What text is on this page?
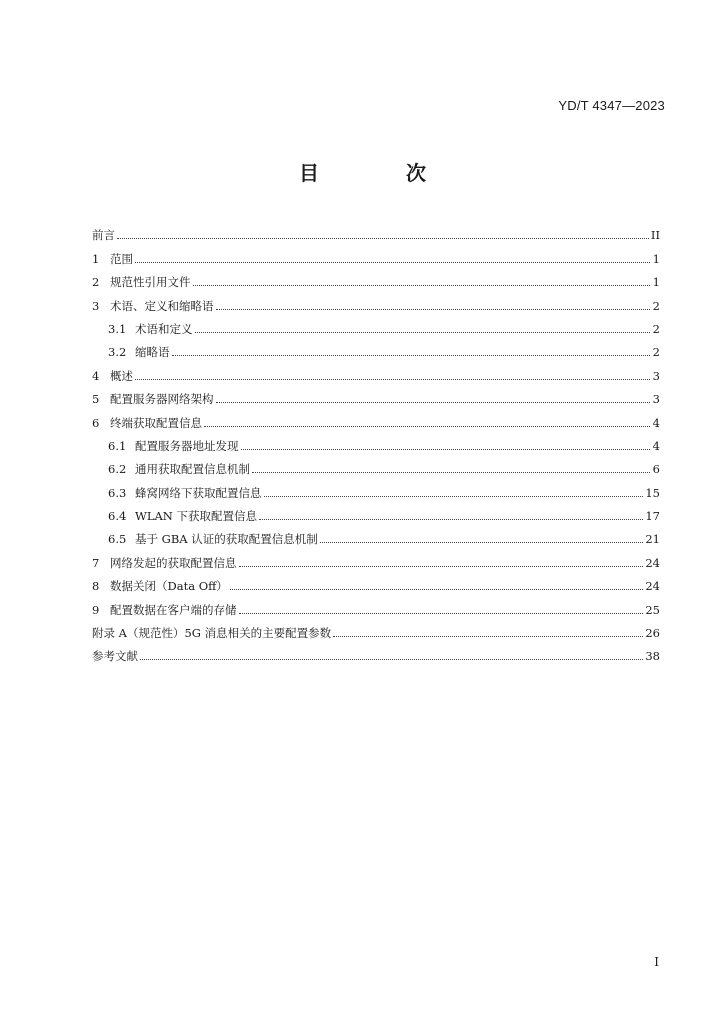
YD/T 4347—2023
目 次
前言	II
1 范围	1
2 规范性引用文件	1
3 术语、定义和缩略语	2
3.1 术语和定义	2
3.2 缩略语	2
4 概述	3
5 配置服务器网络架构	3
6 终端获取配置信息	4
6.1 配置服务器地址发现	4
6.2 通用获取配置信息机制	6
6.3 蜂窝网络下获取配置信息	15
6.4 WLAN 下获取配置信息	17
6.5 基于 GBA 认证的获取配置信息机制	21
7 网络发起的获取配置信息	24
8 数据关闭（Data Off）	24
9 配置数据在客户端的存储	25
附录 A（规范性）5G 消息相关的主要配置参数	26
参考文献	38
I
